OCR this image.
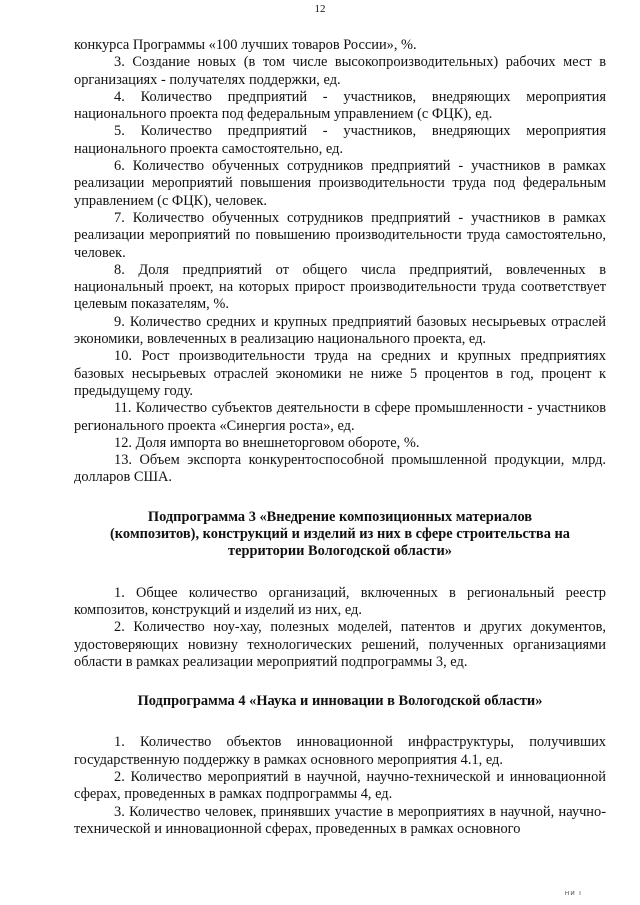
12

конкурса Программы «100 лучших товаров России», %.

3. Создание новых (в том числе высокопроизводительных) рабочих мест в организациях - получателях поддержки, ед.

4. Количество предприятий - участников, внедряющих мероприятия национального проекта под федеральным управлением (с ФЦК), ед.

5. Количество предприятий - участников, внедряющих мероприятия национального проекта самостоятельно, ед.

6. Количество обученных сотрудников предприятий - участников в рамках реализации мероприятий повышения производительности труда под федеральным управлением (с ФЦК), человек.

7. Количество обученных сотрудников предприятий - участников в рамках реализации мероприятий по повышению производительности труда самостоятельно, человек.

8. Доля предприятий от общего числа предприятий, вовлеченных в национальный проект, на которых прирост производительности труда соответствует целевым показателям, %.

9. Количество средних и крупных предприятий базовых несырьевых отраслей экономики, вовлеченных в реализацию национального проекта, ед.

10. Рост производительности труда на средних и крупных предприятиях базовых несырьевых отраслей экономики не ниже 5 процентов в год, процент к предыдущему году.

11. Количество субъектов деятельности в сфере промышленности - участников регионального проекта «Синергия роста», ед.

12. Доля импорта во внешнеторговом обороте, %.

13. Объем экспорта конкурентоспособной промышленной продукции, млрд. долларов США.

Подпрограмма 3 «Внедрение композиционных материалов (композитов), конструкций и изделий из них в сфере строительства на территории Вологодской области»

1. Общее количество организаций, включенных в региональный реестр композитов, конструкций и изделий из них, ед.

2. Количество ноу-хау, полезных моделей, патентов и других документов, удостоверяющих новизну технологических решений, полученных организациями области в рамках реализации мероприятий подпрограммы 3, ед.

Подпрограмма 4 «Наука и инновации в Вологодской области»

1. Количество объектов инновационной инфраструктуры, получивших государственную поддержку в рамках основного мероприятия 4.1, ед.

2. Количество мероприятий в научной, научно-технической и инновационной сферах, проведенных в рамках подпрограммы 4, ед.

3. Количество человек, принявших участие в мероприятиях в научной, научно-технической и инновационной сферах, проведенных в рамках основного

ни ı
